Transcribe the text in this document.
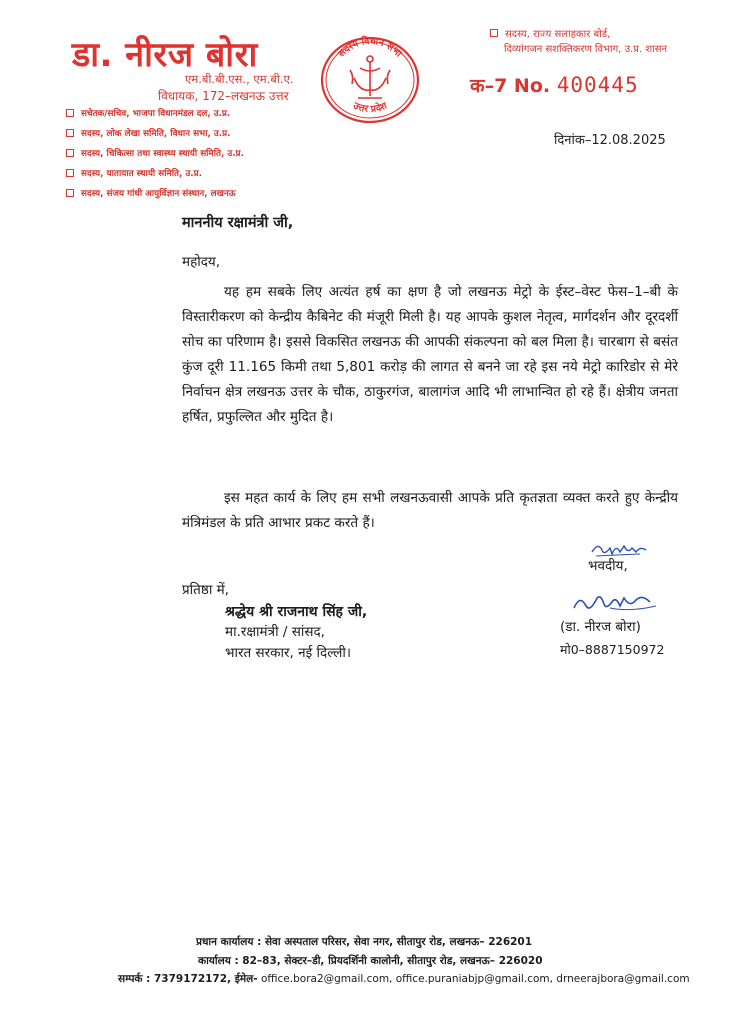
डा. नीरज बोरा
एम.बी.बी.एस., एम.बी.ए.
विधायक, 172–लखनऊ उत्तर
सचेतक/सचिव, भाजपा विधानमंडल दल, उ.प्र.
सदस्य, लोक लेखा समिति, विधान सभा, उ.प्र.
सदस्य, चिकित्सा तथा स्वास्थ्य स्थायी समिति, उ.प्र.
सदस्य, यातायात स्थायी समिति, उ.प्र.
सदस्य, संजय गांधी आयुर्विज्ञान संस्थान, लखनऊ
सदस्य, राज्य सलाहकार बोर्ड,
दिव्यांगजन सशक्तिकरण विभाग, उ.प्र. शासन
क–7 No. 400445
सदस्य विधान सभा
उत्तर प्रदेश
दिनांक–12.08.2025
माननीय रक्षामंत्री जी,
महोदय,

यह हम सबके लिए अत्यंत हर्ष का क्षण है जो लखनऊ मेट्रो के ईस्ट–वेस्ट फेस–1–बी के विस्तारीकरण को केन्द्रीय कैबिनेट की मंजूरी मिली है। यह आपके कुशल नेतृत्व, मार्गदर्शन और दूरदर्शी सोच का परिणाम है। इससे विकसित लखनऊ की आपकी संकल्पना को बल मिला है। चारबाग से बसंत कुंज दूरी 11.165 किमी तथा 5,801 करोड़ की लागत से बनने जा रहे इस नये मेट्रो कारिडोर से मेरे निर्वाचन क्षेत्र लखनऊ उत्तर के चौक, ठाकुरगंज, बालागंज आदि भी लाभान्वित हो रहे हैं। क्षेत्रीय जनता हर्षित, प्रफुल्लित और मुदित है।

इस महत कार्य के लिए हम सभी लखनऊवासी आपके प्रति कृतज्ञता व्यक्त करते हुए केन्द्रीय मंत्रिमंडल के प्रति आभार प्रकट करते हैं।

भवदीय,
(डा. नीरज बोरा)
मो0–8887150972
प्रतिष्ठा में,
श्रद्धेय श्री राजनाथ सिंह जी,
मा.रक्षामंत्री / सांसद,
भारत सरकार, नई दिल्ली।
प्रधान कार्यालय : सेवा अस्पताल परिसर, सेवा नगर, सीतापुर रोड, लखनऊ– 226201
कार्यालय : 82–83, सेक्टर–डी, प्रियदर्शिनी कालोनी, सीतापुर रोड, लखनऊ– 226020
सम्पर्क : 7379172172, ईमेल- office.bora2@gmail.com, office.puraniabjp@gmail.com, drneerajbora@gmail.com
